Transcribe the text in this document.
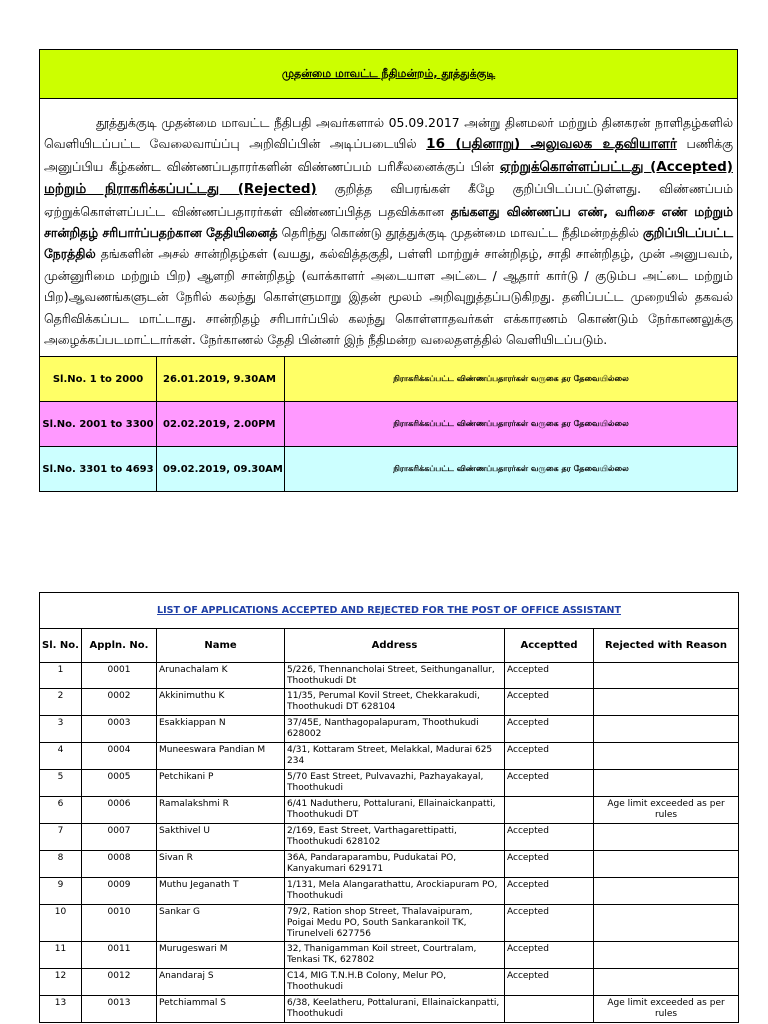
முதன்மை மாவட்ட நீதிமன்றம், தூத்துக்குடி

தூத்துக்குடி முதன்மை மாவட்ட நீதிபதி அவர்களால் 05.09.2017 அன்று தினமலர் மற்றும் தினகரன் நாளிதழ்களில் வெளியிடப்பட்ட வேலைவாய்ப்பு அறிவிப்பின் அடிப்படையில் 16 (பதினாறு) அலுவலக உதவியாளர் பணிக்கு அனுப்பிய கீழ்கண்ட விண்ணப்பதாரர்களின் விண்ணப்பம் பரிசீலனைக்குப் பின் ஏற்றுக்கொள்ளப்பட்டது (Accepted) மற்றும் நிராகரிக்கப்பட்டது (Rejected) குறித்த விபரங்கள் கீழே குறிப்பிடப்பட்டுள்ளது. விண்ணப்பம் ஏற்றுக்கொள்ளப்பட்ட விண்ணப்பதாரர்கள் விண்ணப்பித்த பதவிக்கான தங்களது விண்ணப்ப எண், வரிசை எண் மற்றும் சான்றிதழ் சரிபார்ப்பதற்கான தேதியினைத் தெரிந்து கொண்டு தூத்துக்குடி முதன்மை மாவட்ட நீதிமன்றத்தில் குறிப்பிடப்பட்ட நேரத்தில் தங்களின் அசல் சான்றிதழ்கள் (வயது, கல்வித்தகுதி, பள்ளி மாற்றுச் சான்றிதழ், சாதி சான்றிதழ், முன் அனுபவம், முன்னுரிமை மற்றும் பிற) ஆளறி சான்றிதழ் (வாக்காளர் அடையாள அட்டை / ஆதார் கார்டு / குடும்ப அட்டை மற்றும் பிற)ஆவணங்களுடன் நேரில் கலந்து கொள்ளுமாறு இதன் மூலம் அறிவுறுத்தப்படுகிறது. தனிப்பட்ட முறையில் தகவல் தெரிவிக்கப்பட மாட்டாது. சான்றிதழ் சரிபார்ப்பில் கலந்து கொள்ளாதவர்கள் எக்காரணம் கொண்டும் நேர்காணலுக்கு அழைக்கப்படமாட்டார்கள். நேர்காணல் தேதி பின்னர் இந் நீதிமன்ற வலைதளத்தில் வெளியிடப்படும்.

Sl.No. 1 to 2000	26.01.2019, 9.30AM	நிராகரிக்கப்பட்ட விண்ணப்பதாரர்கள் வருகை தர தேவையில்லை
Sl.No. 2001 to 3300	02.02.2019, 2.00PM	நிராகரிக்கப்பட்ட விண்ணப்பதாரர்கள் வருகை தர தேவையில்லை
Sl.No. 3301 to 4693	09.02.2019, 09.30AM	நிராகரிக்கப்பட்ட விண்ணப்பதாரர்கள் வருகை தர தேவையில்லை
LIST OF APPLICATIONS ACCEPTED AND REJECTED FOR THE POST OF OFFICE ASSISTANT					
Sl. No.	Appln. No.	Name	Address	Acceptted	Rejected with Reason
1	0001	Arunachalam K	5/226, Thennancholai Street, Seithunganallur, Thoothukudi Dt	Accepted	
2	0002	Akkinimuthu K	11/35, Perumal Kovil Street, Chekkarakudi, Thoothukudi DT 628104	Accepted	
3	0003	Esakkiappan N	37/45E, Nanthagopalapuram, Thoothukudi 628002	Accepted	
4	0004	Muneeswara Pandian M	4/31, Kottaram Street, Melakkal, Madurai 625 234	Accepted	
5	0005	Petchikani P	5/70 East Street, Pulvavazhi, Pazhayakayal, Thoothukudi	Accepted	
6	0006	Ramalakshmi R	6/41 Nadutheru, Pottalurani, Ellainaickanpatti, Thoothukudi DT		Age limit exceeded as per rules
7	0007	Sakthivel U	2/169, East Street, Varthagarettipatti, Thoothukudi 628102	Accepted	
8	0008	Sivan R	36A, Pandaraparambu, Pudukatai PO, Kanyakumari 629171	Accepted	
9	0009	Muthu Jeganath T	1/131, Mela Alangarathattu, Arockiapuram PO, Thoothukudi	Accepted	
10	0010	Sankar G	79/2, Ration shop Street, Thalavaipuram, Poigai Medu PO, South Sankarankoil TK, Tirunelveli 627756	Accepted	
11	0011	Murugeswari M	32, Thanigamman Koil street, Courtralam, Tenkasi TK, 627802	Accepted	
12	0012	Anandaraj S	C14, MIG T.N.H.B Colony, Melur PO, Thoothukudi	Accepted	
13	0013	Petchiammal S	6/38, Keelatheru, Pottalurani, Ellainaickanpatti, Thoothukudi		Age limit exceeded as per rules
